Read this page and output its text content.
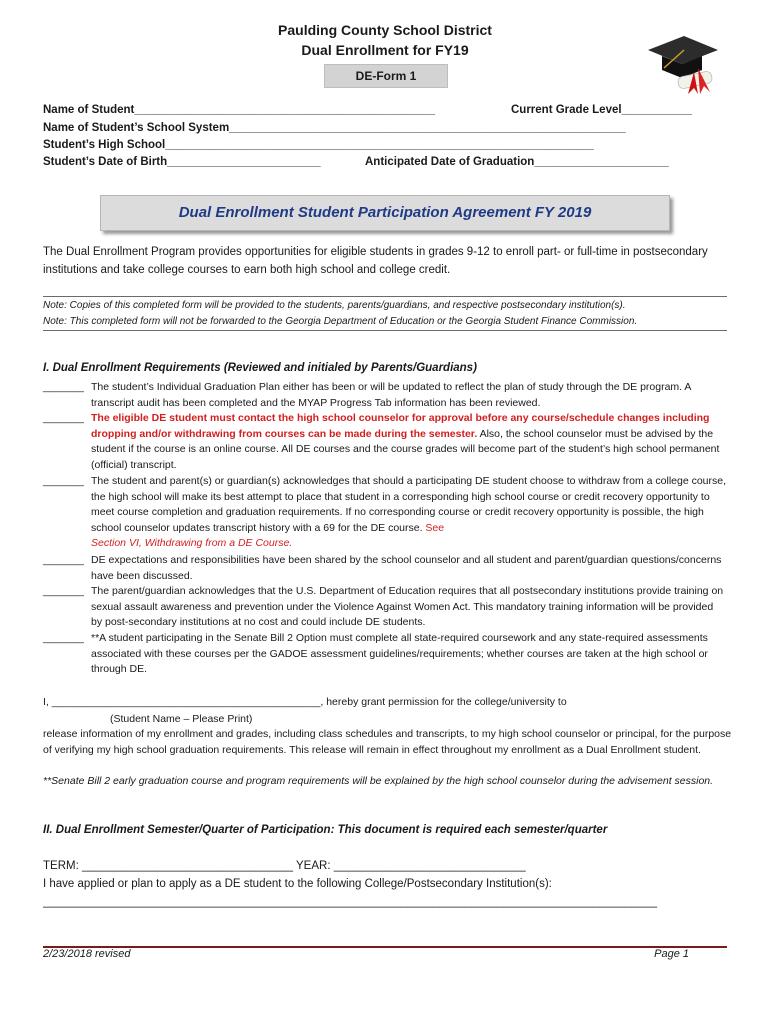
Paulding County School District
Dual Enrollment for FY19
DE-Form 1
Name of Student_______________________________________________	Current Grade Level___________
Name of Student’s School System______________________________________________________________
Student’s High School___________________________________________________________________
Student’s Date of Birth________________________	Anticipated Date of Graduation_____________________
Dual Enrollment Student Participation Agreement FY 2019
The Dual Enrollment Program provides opportunities for eligible students in grades 9-12 to enroll part- or full-time in postsecondary institutions and take college courses to earn both high school and college credit.
Note: Copies of this completed form will be provided to the students, parents/guardians, and respective postsecondary institution(s).
Note: This completed form will not be forwarded to the Georgia Department of Education or the Georgia Student Finance Commission.
I. Dual Enrollment Requirements (Reviewed and initialed by Parents/Guardians)
_______ The student’s Individual Graduation Plan either has been or will be updated to reflect the plan of study through the DE program. A transcript audit has been completed and the MYAP Progress Tab information has been reviewed.
_______ The eligible DE student must contact the high school counselor for approval before any course/schedule changes including dropping and/or withdrawing from courses can be made during the semester. Also, the school counselor must be advised by the student if the course is an online course. All DE courses and the course grades will become part of the student’s high school permanent (official) transcript.
_______ The student and parent(s) or guardian(s) acknowledges that should a participating DE student choose to withdraw from a college course, the high school will make its best attempt to place that student in a corresponding high school course or credit recovery opportunity to meet course completion and graduation requirements. If no corresponding course or credit recovery opportunity is possible, the high school counselor updates transcript history with a 69 for the DE course. See
Section VI, Withdrawing from a DE Course.
_______ DE expectations and responsibilities have been shared by the school counselor and all student and parent/guardian questions/concerns have been discussed.
_______ The parent/guardian acknowledges that the U.S. Department of Education requires that all postsecondary institutions provide training on sexual assault awareness and prevention under the Violence Against Women Act. This mandatory training information will be provided by post-secondary institutions at no cost and could include DE students.
_______ **A student participating in the Senate Bill 2 Option must complete all state-required coursework and any state-required assessments associated with these courses per the GADOE assessment guidelines/requirements; whether courses are taken at the high school or through DE.
I, ______________________________________________, hereby grant permission for the college/university to
(Student Name – Please Print)
release information of my enrollment and grades, including class schedules and transcripts, to my high school counselor or principal, for the purpose of verifying my high school graduation requirements. This release will remain in effect throughout my enrollment as a Dual Enrollment student.
**Senate Bill 2 early graduation course and program requirements will be explained by the high school counselor during the advisement session.
II. Dual Enrollment Semester/Quarter of Participation: This document is required each semester/quarter
TERM: _________________________________ YEAR: ______________________________
I have applied or plan to apply as a DE student to the following College/Postsecondary Institution(s):
________________________________________________________________________________________________
2/23/2018 revised	Page 1
